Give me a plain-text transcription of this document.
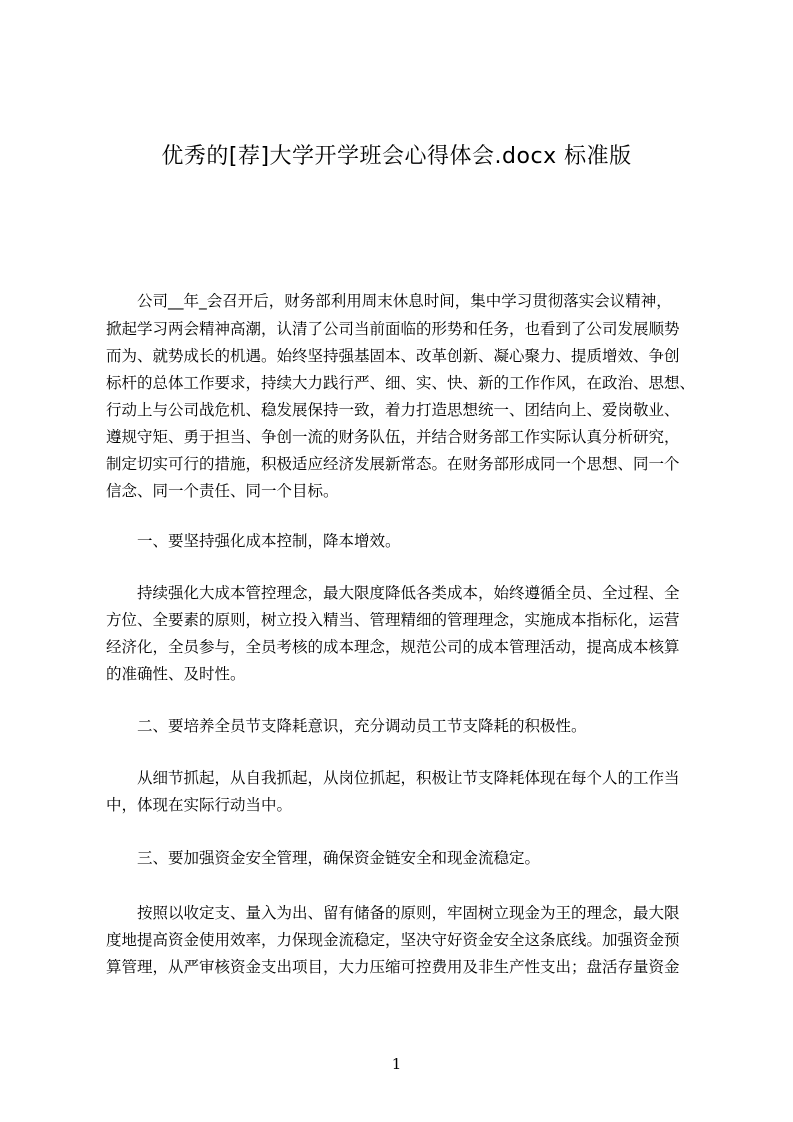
优秀的[荐]大学开学班会心得体会.docx 标准版
　　公司__年_会召开后，财务部利用周末休息时间，集中学习贯彻落实会议精神，
掀起学习两会精神高潮，认清了公司当前面临的形势和任务，也看到了公司发展顺势
而为、就势成长的机遇。始终坚持强基固本、改革创新、凝心聚力、提质增效、争创
标杆的总体工作要求，持续大力践行严、细、实、快、新的工作作风，在政治、思想、
行动上与公司战危机、稳发展保持一致，着力打造思想统一、团结向上、爱岗敬业、
遵规守矩、勇于担当、争创一流的财务队伍，并结合财务部工作实际认真分析研究，
制定切实可行的措施，积极适应经济发展新常态。在财务部形成同一个思想、同一个
信念、同一个责任、同一个目标。
　　一、要坚持强化成本控制，降本增效。
　　持续强化大成本管控理念，最大限度降低各类成本，始终遵循全员、全过程、全
方位、全要素的原则，树立投入精当、管理精细的管理理念，实施成本指标化，运营
经济化，全员参与，全员考核的成本理念，规范公司的成本管理活动，提高成本核算
的准确性、及时性。
　　二、要培养全员节支降耗意识，充分调动员工节支降耗的积极性。
　　从细节抓起，从自我抓起，从岗位抓起，积极让节支降耗体现在每个人的工作当
中，体现在实际行动当中。
　　三、要加强资金安全管理，确保资金链安全和现金流稳定。
　　按照以收定支、量入为出、留有储备的原则，牢固树立现金为王的理念，最大限
度地提高资金使用效率，力保现金流稳定，坚决守好资金安全这条底线。加强资金预
算管理，从严审核资金支出项目，大力压缩可控费用及非生产性支出；盘活存量资金
1
